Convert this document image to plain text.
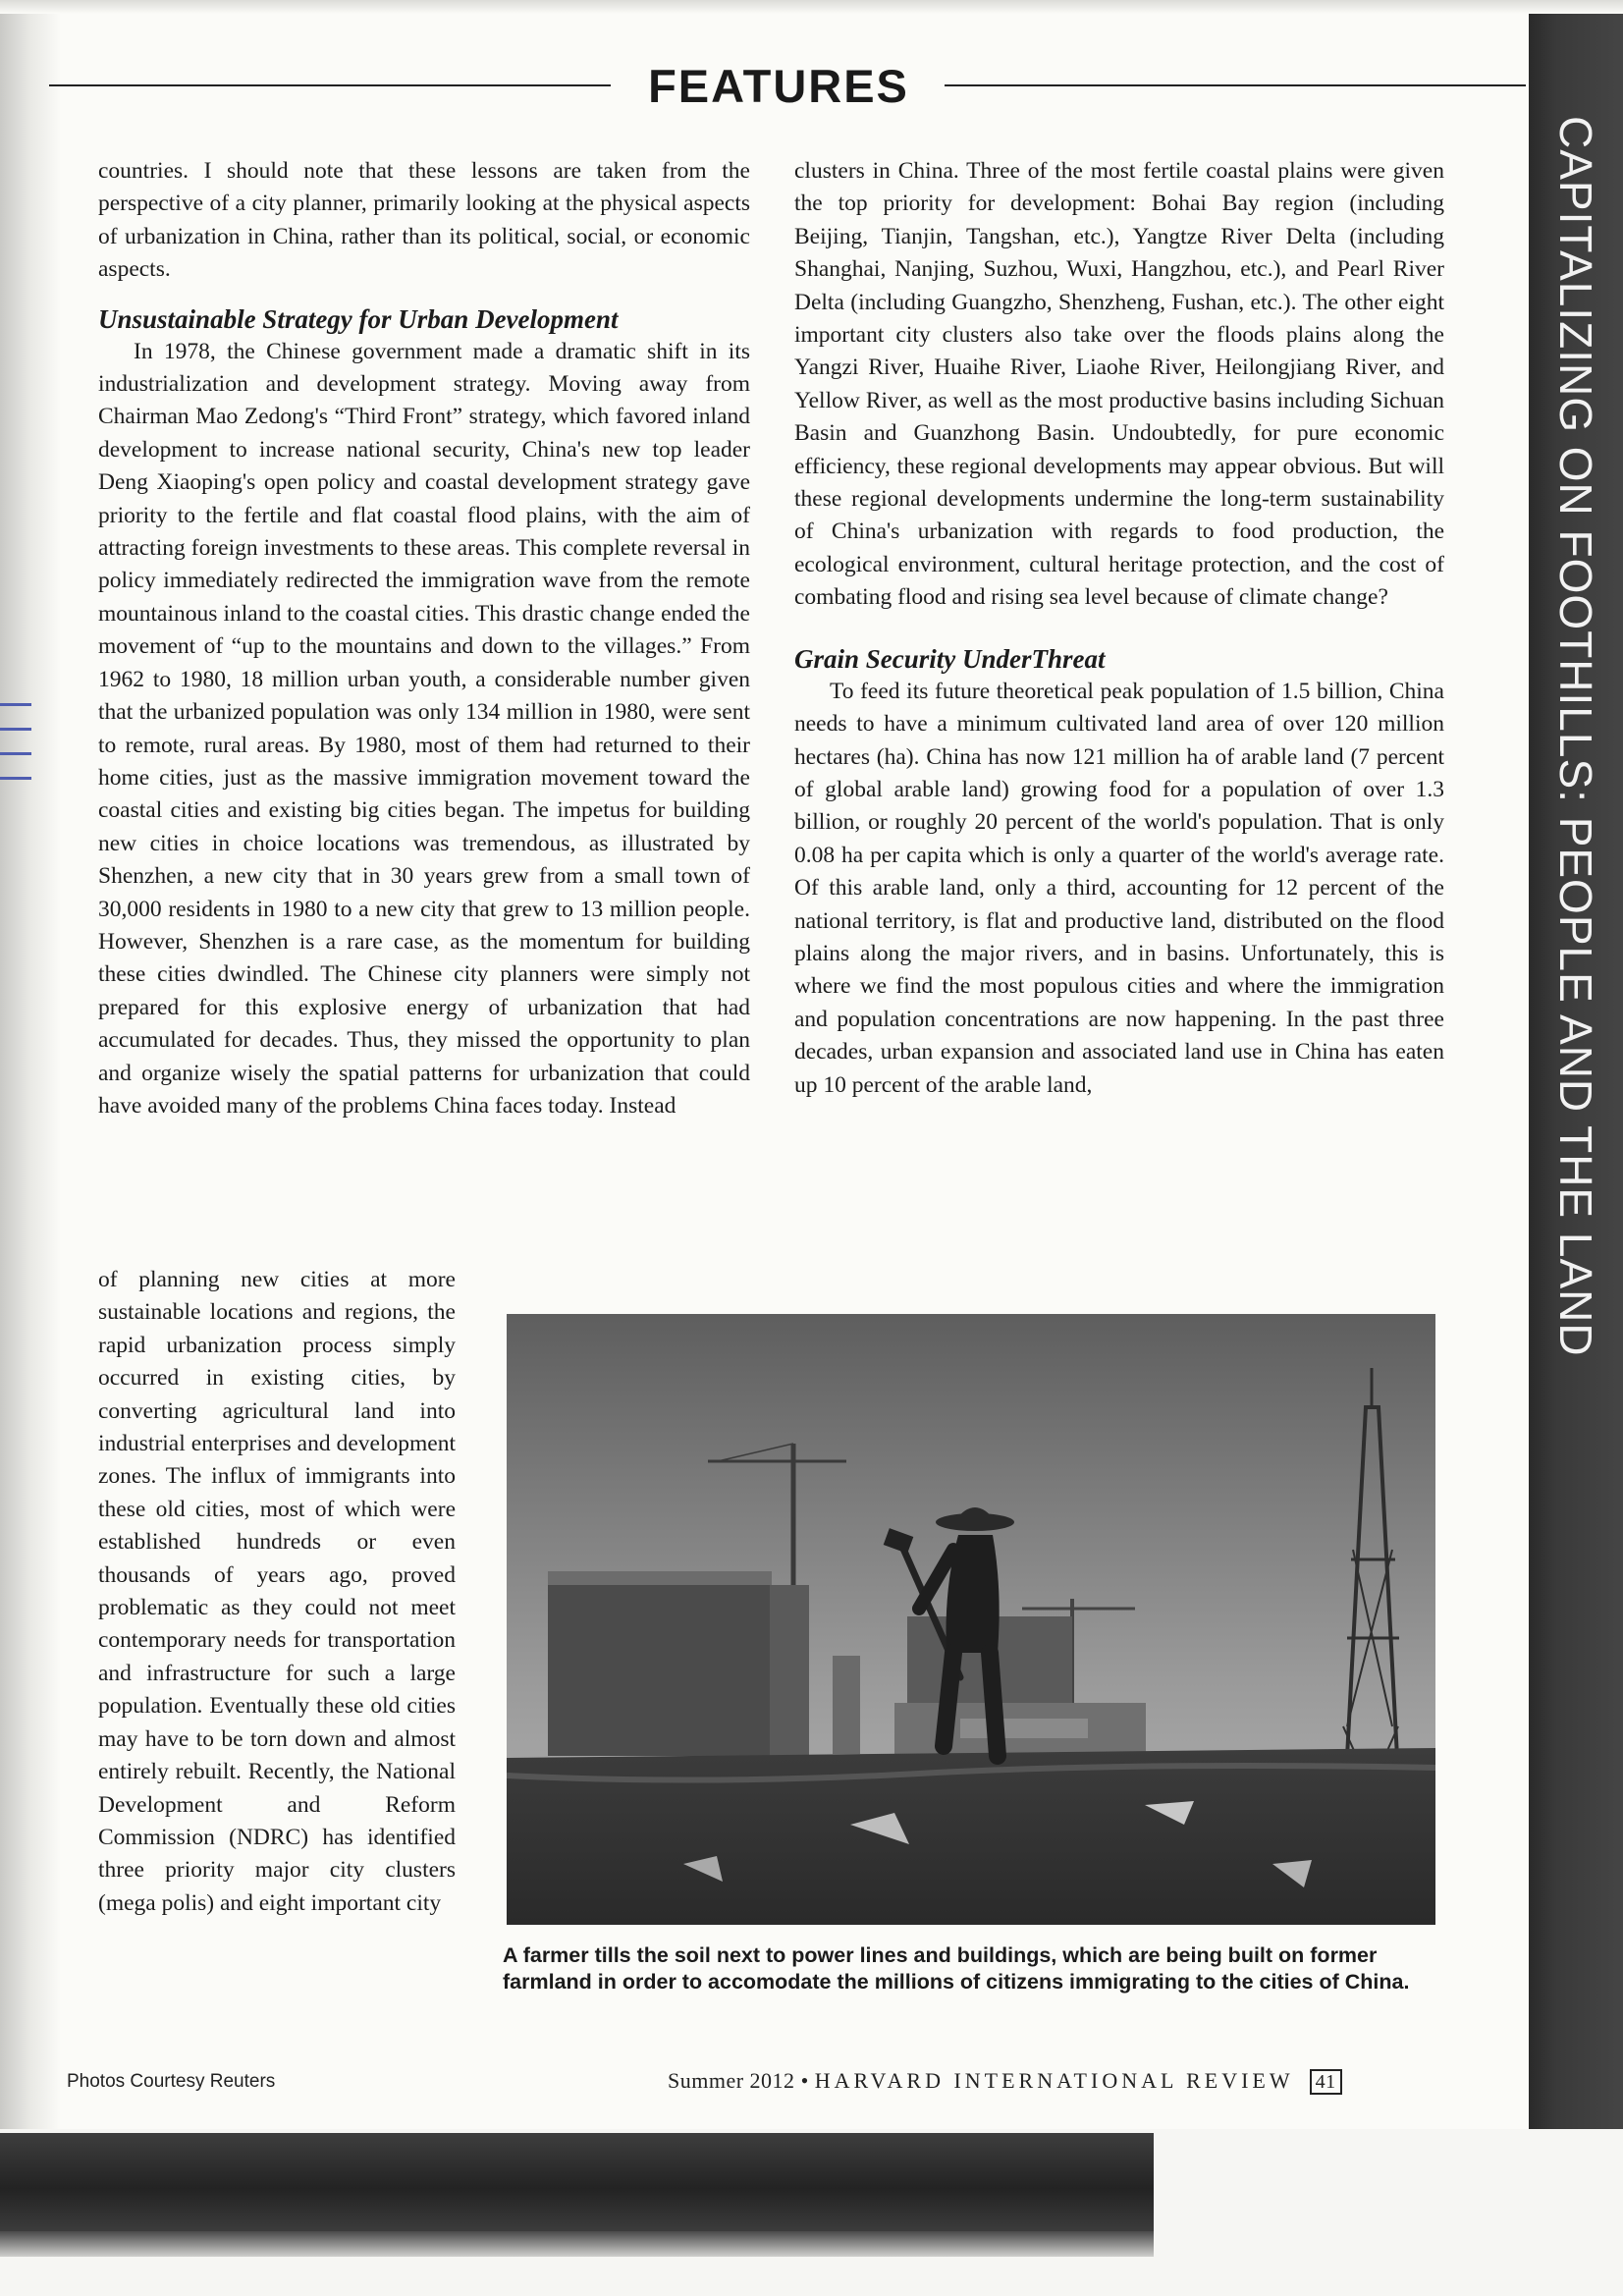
FEATURES
CAPITALIZING ON FOOTHILLS: PEOPLE AND THE LAND

countries. I should note that these lessons are taken from the perspective of a city planner, primarily looking at the physical aspects of urbanization in China, rather than its political, social, or economic aspects.

Unsustainable Strategy for Urban Development

In 1978, the Chinese government made a dramatic shift in its industrialization and development strategy. Moving away from Chairman Mao Zedong's “Third Front” strategy, which favored inland development to increase national security, China's new top leader Deng Xiaoping's open policy and coastal development strategy gave priority to the fertile and flat coastal flood plains, with the aim of attracting foreign investments to these areas. This complete reversal in policy immediately redirected the immigration wave from the remote mountainous inland to the coastal cities. This drastic change ended the movement of “up to the mountains and down to the villages.” From 1962 to 1980, 18 million urban youth, a considerable number given that the urbanized population was only 134 million in 1980, were sent to remote, rural areas. By 1980, most of them had returned to their home cities, just as the massive immigration movement toward the coastal cities and existing big cities began. The impetus for building new cities in choice locations was tremendous, as illustrated by Shenzhen, a new city that in 30 years grew from a small town of 30,000 residents in 1980 to a new city that grew to 13 million people. However, Shenzhen is a rare case, as the momentum for building these cities dwindled. The Chinese city planners were simply not prepared for this explosive energy of urbanization that had accumulated for decades. Thus, they missed the opportunity to plan and organize wisely the spatial patterns for urbanization that could have avoided many of the problems China faces today. Instead

of planning new cities at more sustainable locations and regions, the rapid urbanization process simply occurred in existing cities, by converting agricultural land into industrial enterprises and development zones. The influx of immigrants into these old cities, most of which were established hundreds or even thousands of years ago, proved problematic as they could not meet contemporary needs for transportation and infrastructure for such a large population. Eventually these old cities may have to be torn down and almost entirely rebuilt. Recently, the National Development and Reform Commission (NDRC) has identified three priority major city clusters (mega polis) and eight important city

clusters in China. Three of the most fertile coastal plains were given the top priority for development: Bohai Bay region (including Beijing, Tianjin, Tangshan, etc.), Yangtze River Delta (including Shanghai, Nanjing, Suzhou, Wuxi, Hangzhou, etc.), and Pearl River Delta (including Guangzho, Shenzheng, Fushan, etc.). The other eight important city clusters also take over the floods plains along the Yangzi River, Huaihe River, Liaohe River, Heilongjiang River, and Yellow River, as well as the most productive basins including Sichuan Basin and Guanzhong Basin. Undoubtedly, for pure economic efficiency, these regional developments may appear obvious. But will these regional developments undermine the long-term sustainability of China's urbanization with regards to food production, the ecological environment, cultural heritage protection, and the cost of combating flood and rising sea level because of climate change?

Grain Security UnderThreat

To feed its future theoretical peak population of 1.5 billion, China needs to have a minimum cultivated land area of over 120 million hectares (ha). China has now 121 million ha of arable land (7 percent of global arable land) growing food for a population of over 1.3 billion, or roughly 20 percent of the world's population. That is only 0.08 ha per capita which is only a quarter of the world's average rate. Of this arable land, only a third, accounting for 12 percent of the national territory, is flat and productive land, distributed on the flood plains along the major rivers, and in basins. Unfortunately, this is where we find the most populous cities and where the immigration and population concentrations are now happening. In the past three decades, urban expansion and associated land use in China has eaten up 10 percent of the arable land,

A farmer tills the soil next to power lines and buildings, which are being built on former farmland in order to accomodate the millions of citizens immigrating to the cities of China.
Photos Courtesy Reuters	Summer 2012 • HARVARD INTERNATIONAL REVIEW 41
